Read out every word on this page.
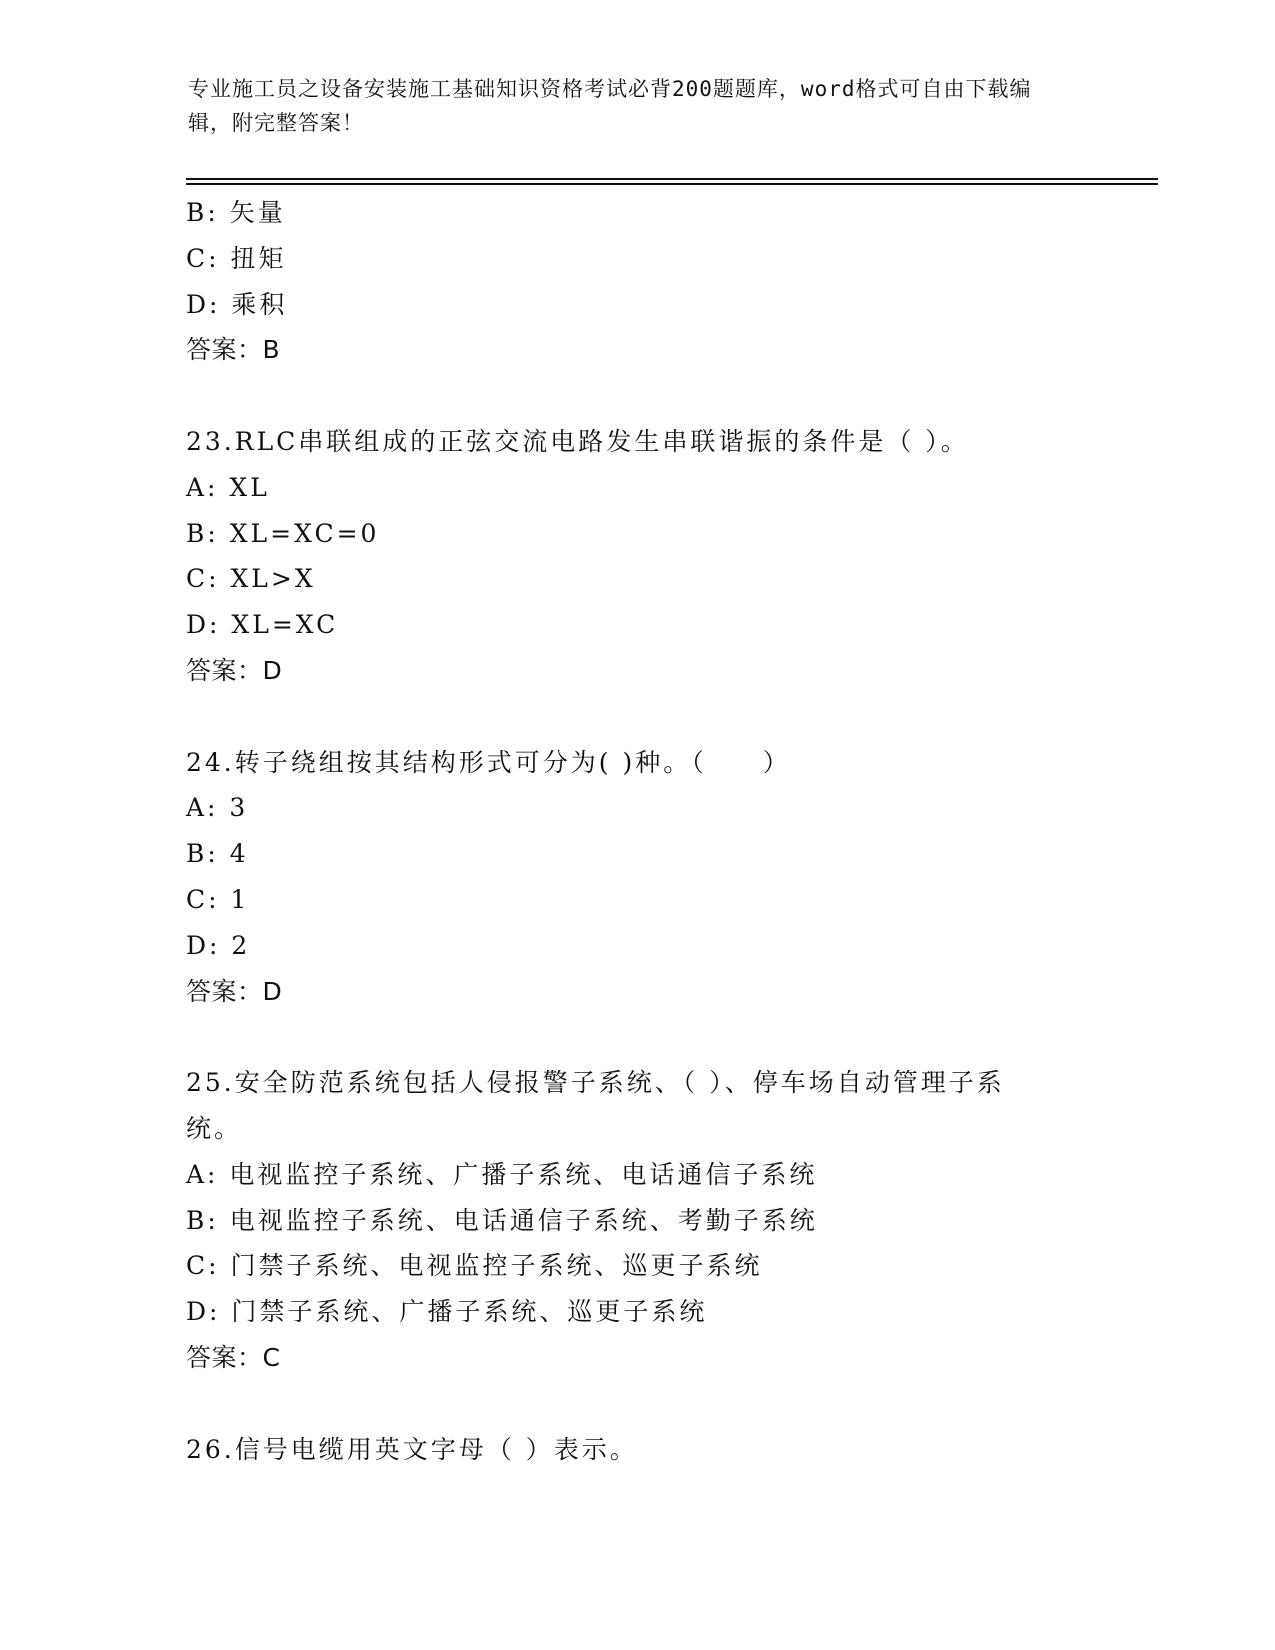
专业施工员之设备安装施工基础知识资格考试必背200题题库，word格式可自由下载编辑，附完整答案！
B: 矢量
C: 扭矩
D: 乘积
答案：B
23.RLC串联组成的正弦交流电路发生串联谐振的条件是（ ）。
A: XL
B: XL=XC=0
C: XL>X
D: XL=XC
答案：D
24.转子绕组按其结构形式可分为( )种。（　　）
A: 3
B: 4
C: 1
D: 2
答案：D
25.安全防范系统包括人侵报警子系统、（ ）、停车场自动管理子系
统。
A: 电视监控子系统、广播子系统、电话通信子系统
B: 电视监控子系统、电话通信子系统、考勤子系统
C: 门禁子系统、电视监控子系统、巡更子系统
D: 门禁子系统、广播子系统、巡更子系统
答案：C
26.信号电缆用英文字母（ ）表示。
